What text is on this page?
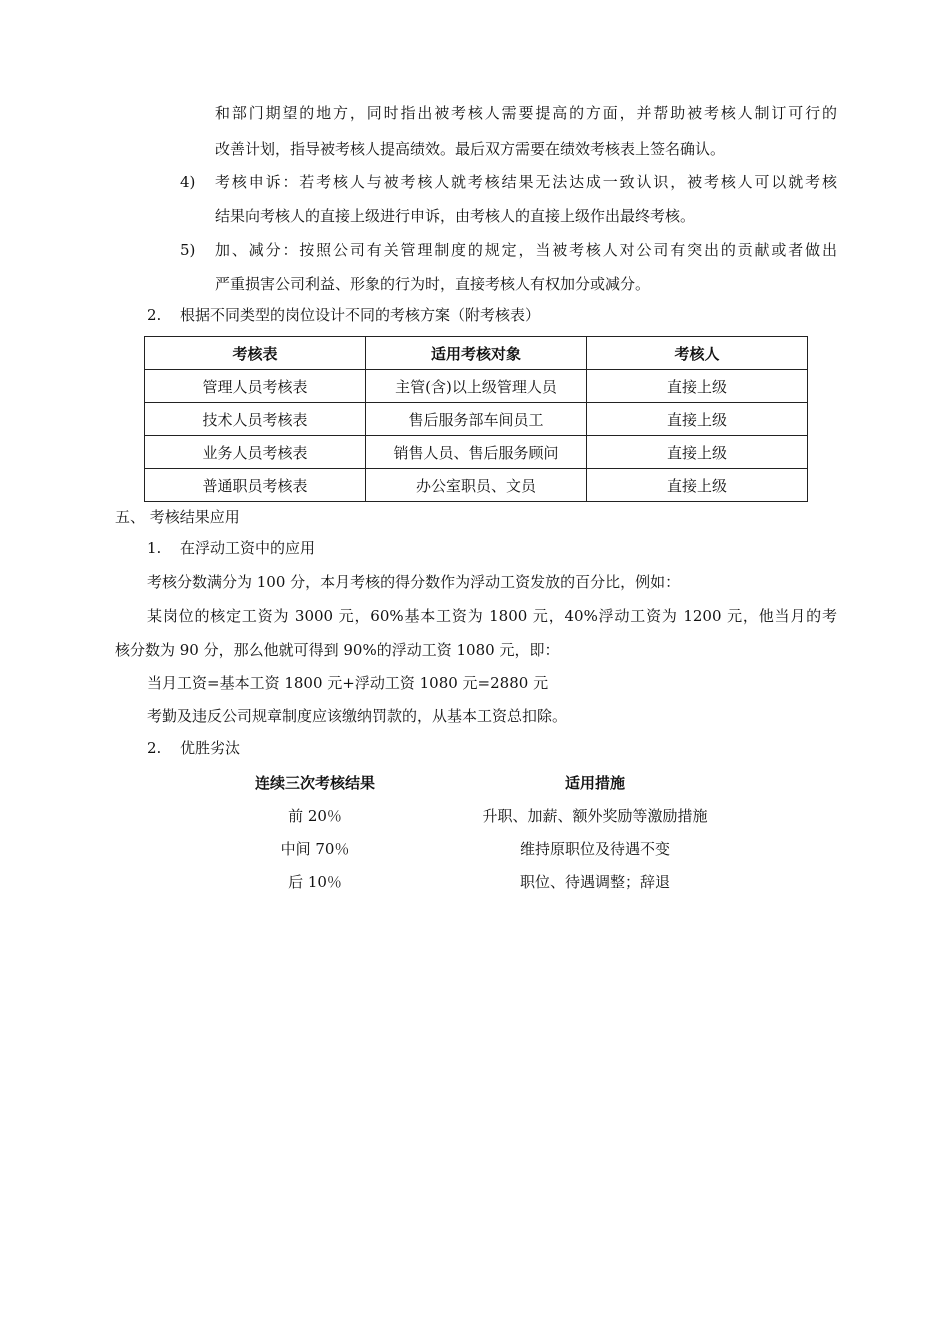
和部门期望的地方，同时指出被考核人需要提高的方面，并帮助被考核人制订可行的
改善计划，指导被考核人提高绩效。最后双方需要在绩效考核表上签名确认。
4) 考核申诉：若考核人与被考核人就考核结果无法达成一致认识，被考核人可以就考核
结果向考核人的直接上级进行申诉，由考核人的直接上级作出最终考核。
5) 加、减分：按照公司有关管理制度的规定，当被考核人对公司有突出的贡献或者做出
严重损害公司利益、形象的行为时，直接考核人有权加分或减分。
2. 根据不同类型的岗位设计不同的考核方案（附考核表）
考核表	适用考核对象	考核人
管理人员考核表	主管(含)以上级管理人员	直接上级
技术人员考核表	售后服务部车间员工	直接上级
业务人员考核表	销售人员、售后服务顾问	直接上级
普通职员考核表	办公室职员、文员	直接上级
五、 考核结果应用
1. 在浮动工资中的应用
考核分数满分为 100 分，本月考核的得分数作为浮动工资发放的百分比，例如：
某岗位的核定工资为 3000 元，60%基本工资为 1800 元，40%浮动工资为 1200 元，他当月的考
核分数为 90 分，那么他就可得到 90%的浮动工资 1080 元，即：
当月工资=基本工资 1800 元+浮动工资 1080 元=2880 元
考勤及违反公司规章制度应该缴纳罚款的，从基本工资总扣除。
2. 优胜劣汰
连续三次考核结果	适用措施
前 20％	升职、加薪、额外奖励等激励措施
中间 70％	维持原职位及待遇不变
后 10％	职位、待遇调整；辞退
